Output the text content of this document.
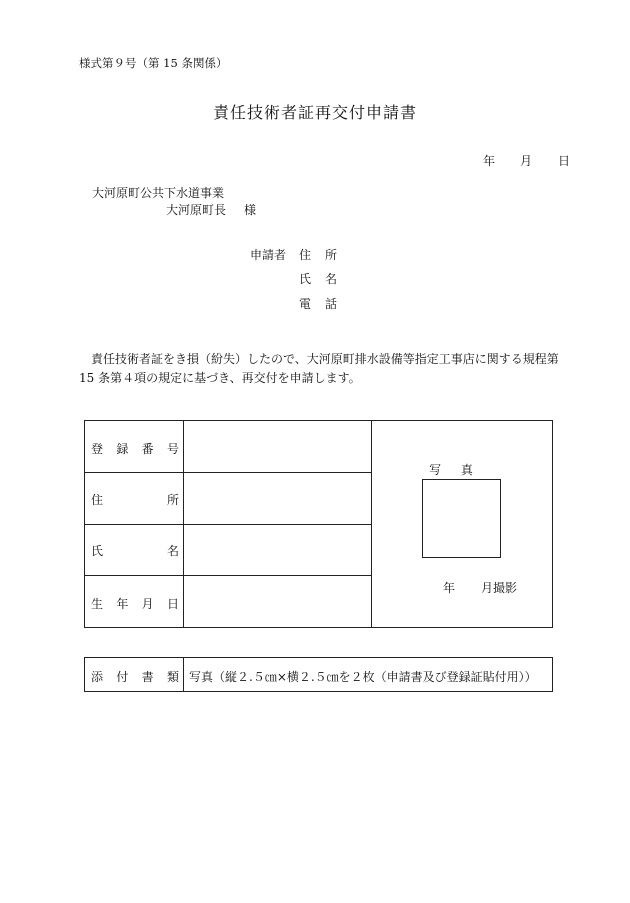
様式第９号（第 15 条関係）
責任技術者証再交付申請書
年 月 日
大河原町公共下水道事業
大河原町長 様
申請者 住 所
氏 名
電 話
責任技術者証をき損（紛失）したので、大河原町排水設備等指定工事店に関する規程第 15 条第４項の規定に基づき、再交付を申請します。
登 録 番 号
住	所
氏	名
生 年 月 日
写 真
年 月撮影
添 付 書 類 写真（縦２.５㎝×横２.５㎝を２枚（申請書及び登録証貼付用））
